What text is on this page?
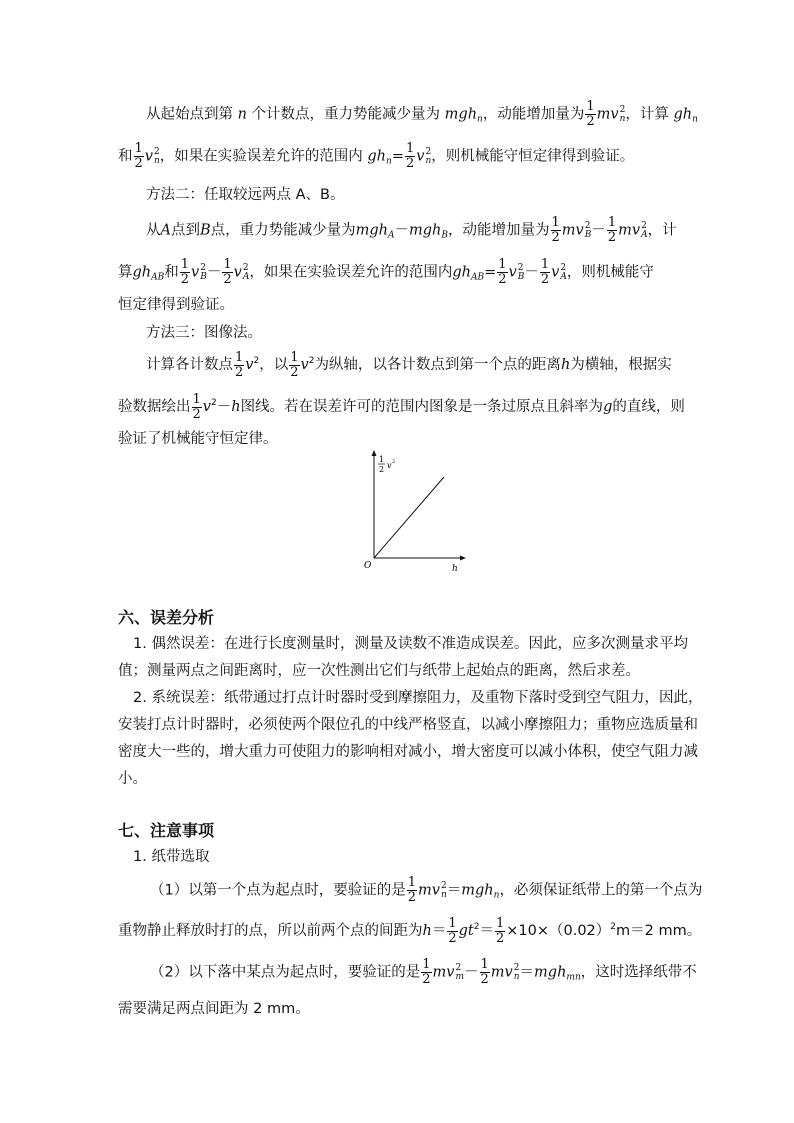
从起始点到第 n 个计数点，重力势能减少量为 mgh$_n$，动能增加量为 $\frac{1}{2}$ mv 2
n ，计算 $gh_n$
和 $\frac{1}{2}$ v 2
n ，如果在实验误差允许的范围内 $gh_n= \frac{1}{2}$ v 2
n ，则机械能守恒定律得到验证。
方法二：任取较远两点 A、B。
从A点到B点，重力势能减少量为mgh$_A$－mgh$_B$，动能增加量为 $\frac{1}{2}$ mv 2
$B - \frac{1}{2}$ mv 2
A ，计
算$gh_{AB}$和 $\frac{1}{2}$ v 2
$B - \frac{1}{2}$ v 2
A ，如果在实验误差允许的范围内$gh_{AB}= \frac{1}{2}$ v 2
$B - \frac{1}{2}$ v 2
A ，则机械能守
恒定律得到验证。
方法三：图像法。
计算各计数点 $\frac{1}{2} v^2$，以 $\frac{1}{2} v^2$为纵轴，以各计数点到第一个点的距离h为横轴，根据实
验数据绘出 $\frac{1}{2} v^2-h$图线。若在误差许可的范围内图象是一条过原点且斜率为g的直线，则
验证了机械能守恒定律。
1
2 v 2
O	h
六、误差分析
1. 偶然误差：在进行长度测量时，测量及读数不准造成误差。因此，应多次测量求平均
值；测量两点之间距离时，应一次性测出它们与纸带上起始点的距离，然后求差。
2. 系统误差：纸带通过打点计时器时受到摩擦阻力，及重物下落时受到空气阻力，因此，
安装打点计时器时，必须使两个限位孔的中线严格竖直，以减小摩擦阻力；重物应选质量和
密度大一些的，增大重力可使阻力的影响相对减小，增大密度可以减小体积，使空气阻力减
小。
七、注意事项
1. 纸带选取
（1）以第一个点为起点时，要验证的是 $\frac{1}{2}$ mv 2
n ＝mgh$_n$，必须保证纸带上的第一个点为
重物静止释放时打的点，所以前两个点的间距为$h= \frac{1}{2} gt^2= \frac{1}{2} \times 10\times(0.02)^2m=2$ mm。
（2）以下落中某点为起点时，要验证的是 $\frac{1}{2}$ mv 2
$m - \frac{1}{2}$ mv 2
n ＝mgh$_{mn}$，这时选择纸带不
需要满足两点间距为 2 mm。
